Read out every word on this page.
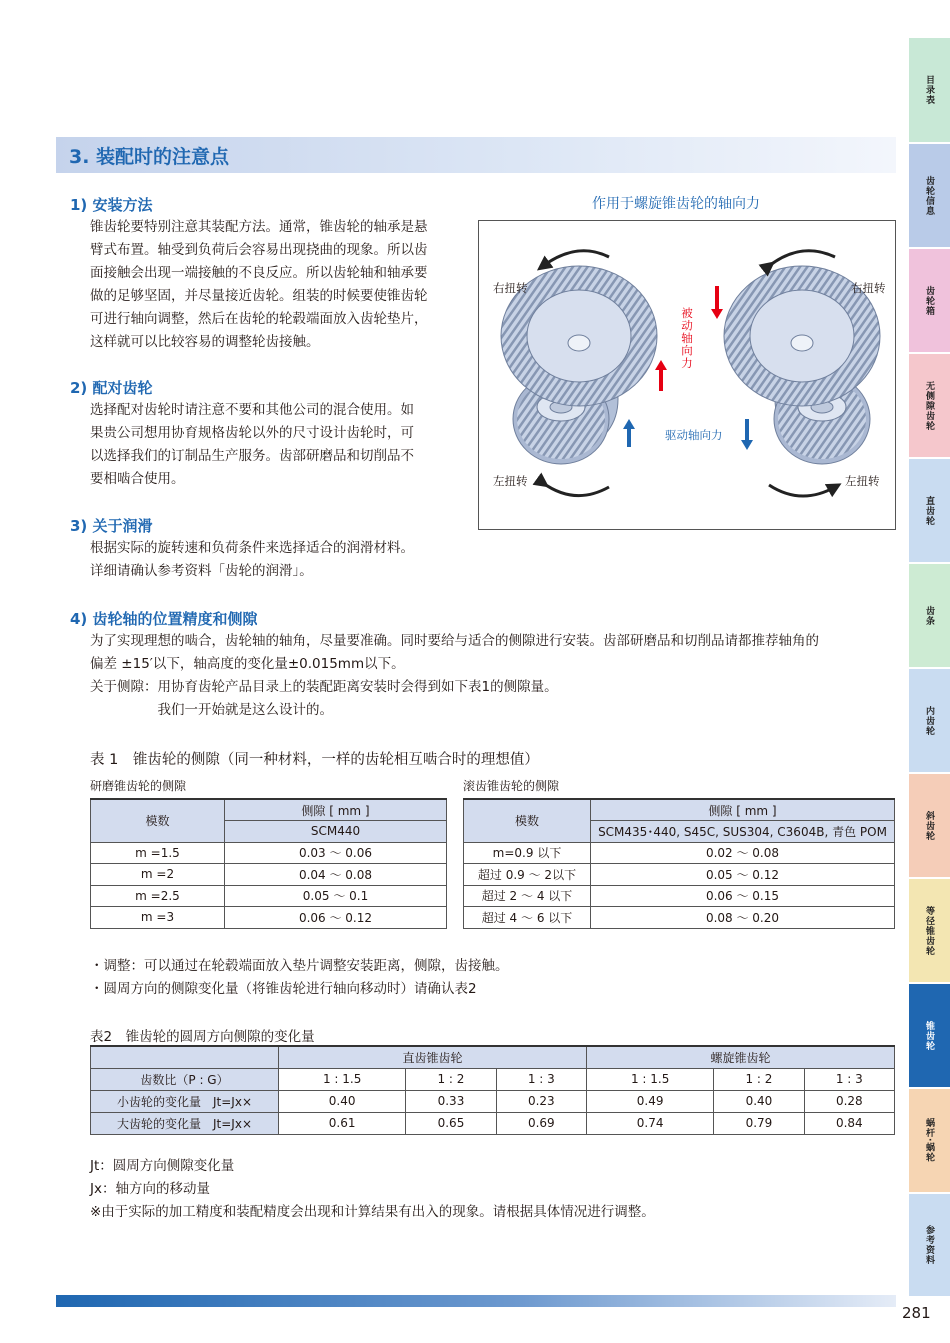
3. 装配时的注意点
1) 安装方法

锥齿轮要特别注意其装配方法。通常，锥齿轮的轴承是悬

臂式布置。轴受到负荷后会容易出现挠曲的现象。所以齿

面接触会出现一端接触的不良反应。所以齿轮轴和轴承要

做的足够坚固，并尽量接近齿轮。组装的时候要使锥齿轮

可进行轴向调整，然后在齿轮的轮毂端面放入齿轮垫片，

这样就可以比较容易的调整轮齿接触。

2) 配对齿轮

选择配对齿轮时请注意不要和其他公司的混合使用。如

果贵公司想用协育规格齿轮以外的尺寸设计齿轮时，可

以选择我们的订制品生产服务。齿部研磨品和切削品不

要相啮合使用。

3) 关于润滑

根据实际的旋转速和负荷条件来选择适合的润滑材料。

详细请确认参考资料「齿轮的润滑」。

作用于螺旋锥齿轮的轴向力
右扭转	右扭转
左扭转	左扭转
驱动轴向力
被动轴向力
4) 齿轮轴的位置精度和侧隙

为了实现理想的啮合，齿轮轴的轴角，尽量要准确。同时要给与适合的侧隙进行安装。齿部研磨品和切削品请都推荐轴角的

偏差 ±15′以下，轴高度的变化量±0.015mm以下。

关于侧隙：用协育齿轮产品目录上的装配距离安装时会得到如下表1的侧隙量。

　　　　　我们一开始就是这么设计的。

表 1　锥齿轮的侧隙（同一种材料，一样的齿轮相互啮合时的理想值）
研磨锥齿轮的侧隙	滚齿锥齿轮的侧隙
模数	侧隙 [ mm ]
	SCM440
m =1.5	0.03 ～ 0.06
m =2	0.04 ～ 0.08
m =2.5	0.05 ～ 0.1
m =3	0.06 ～ 0.12
模数	侧隙 [ mm ]
	SCM435･440, S45C, SUS304, C3604B, 青色 POM
m=0.9 以下	0.02 ～ 0.08
超过 0.9 ～ 2以下	0.05 ～ 0.12
超过 2 ～ 4 以下	0.06 ～ 0.15
超过 4 ～ 6 以下	0.08 ～ 0.20

・调整：可以通过在轮毂端面放入垫片调整安装距离，侧隙，齿接触。

・圆周方向的侧隙变化量（将锥齿轮进行轴向移动时）请确认表2

表2　锥齿轮的圆周方向侧隙的变化量
	直齿锥齿轮			螺旋锥齿轮		
齿数比（P : G）	1 : 1.5	1 : 2	1 : 3	1 : 1.5	1 : 2	1 : 3
小齿轮的变化量　Jt=Jx×	0.40	0.33	0.23	0.49	0.40	0.28
大齿轮的变化量　Jt=Jx×	0.61	0.65	0.69	0.74	0.79	0.84

Jt：圆周方向侧隙变化量

Jx：轴方向的移动量

※由于实际的加工精度和装配精度会出现和计算结果有出入的现象。请根据具体情况进行调整。

目录表
齿轮信息
齿轮箱
无侧隙齿轮
直齿轮
齿条
内齿轮
斜齿轮
等径锥齿轮
锥齿轮
蜗杆·蜗轮
参考资料
281
